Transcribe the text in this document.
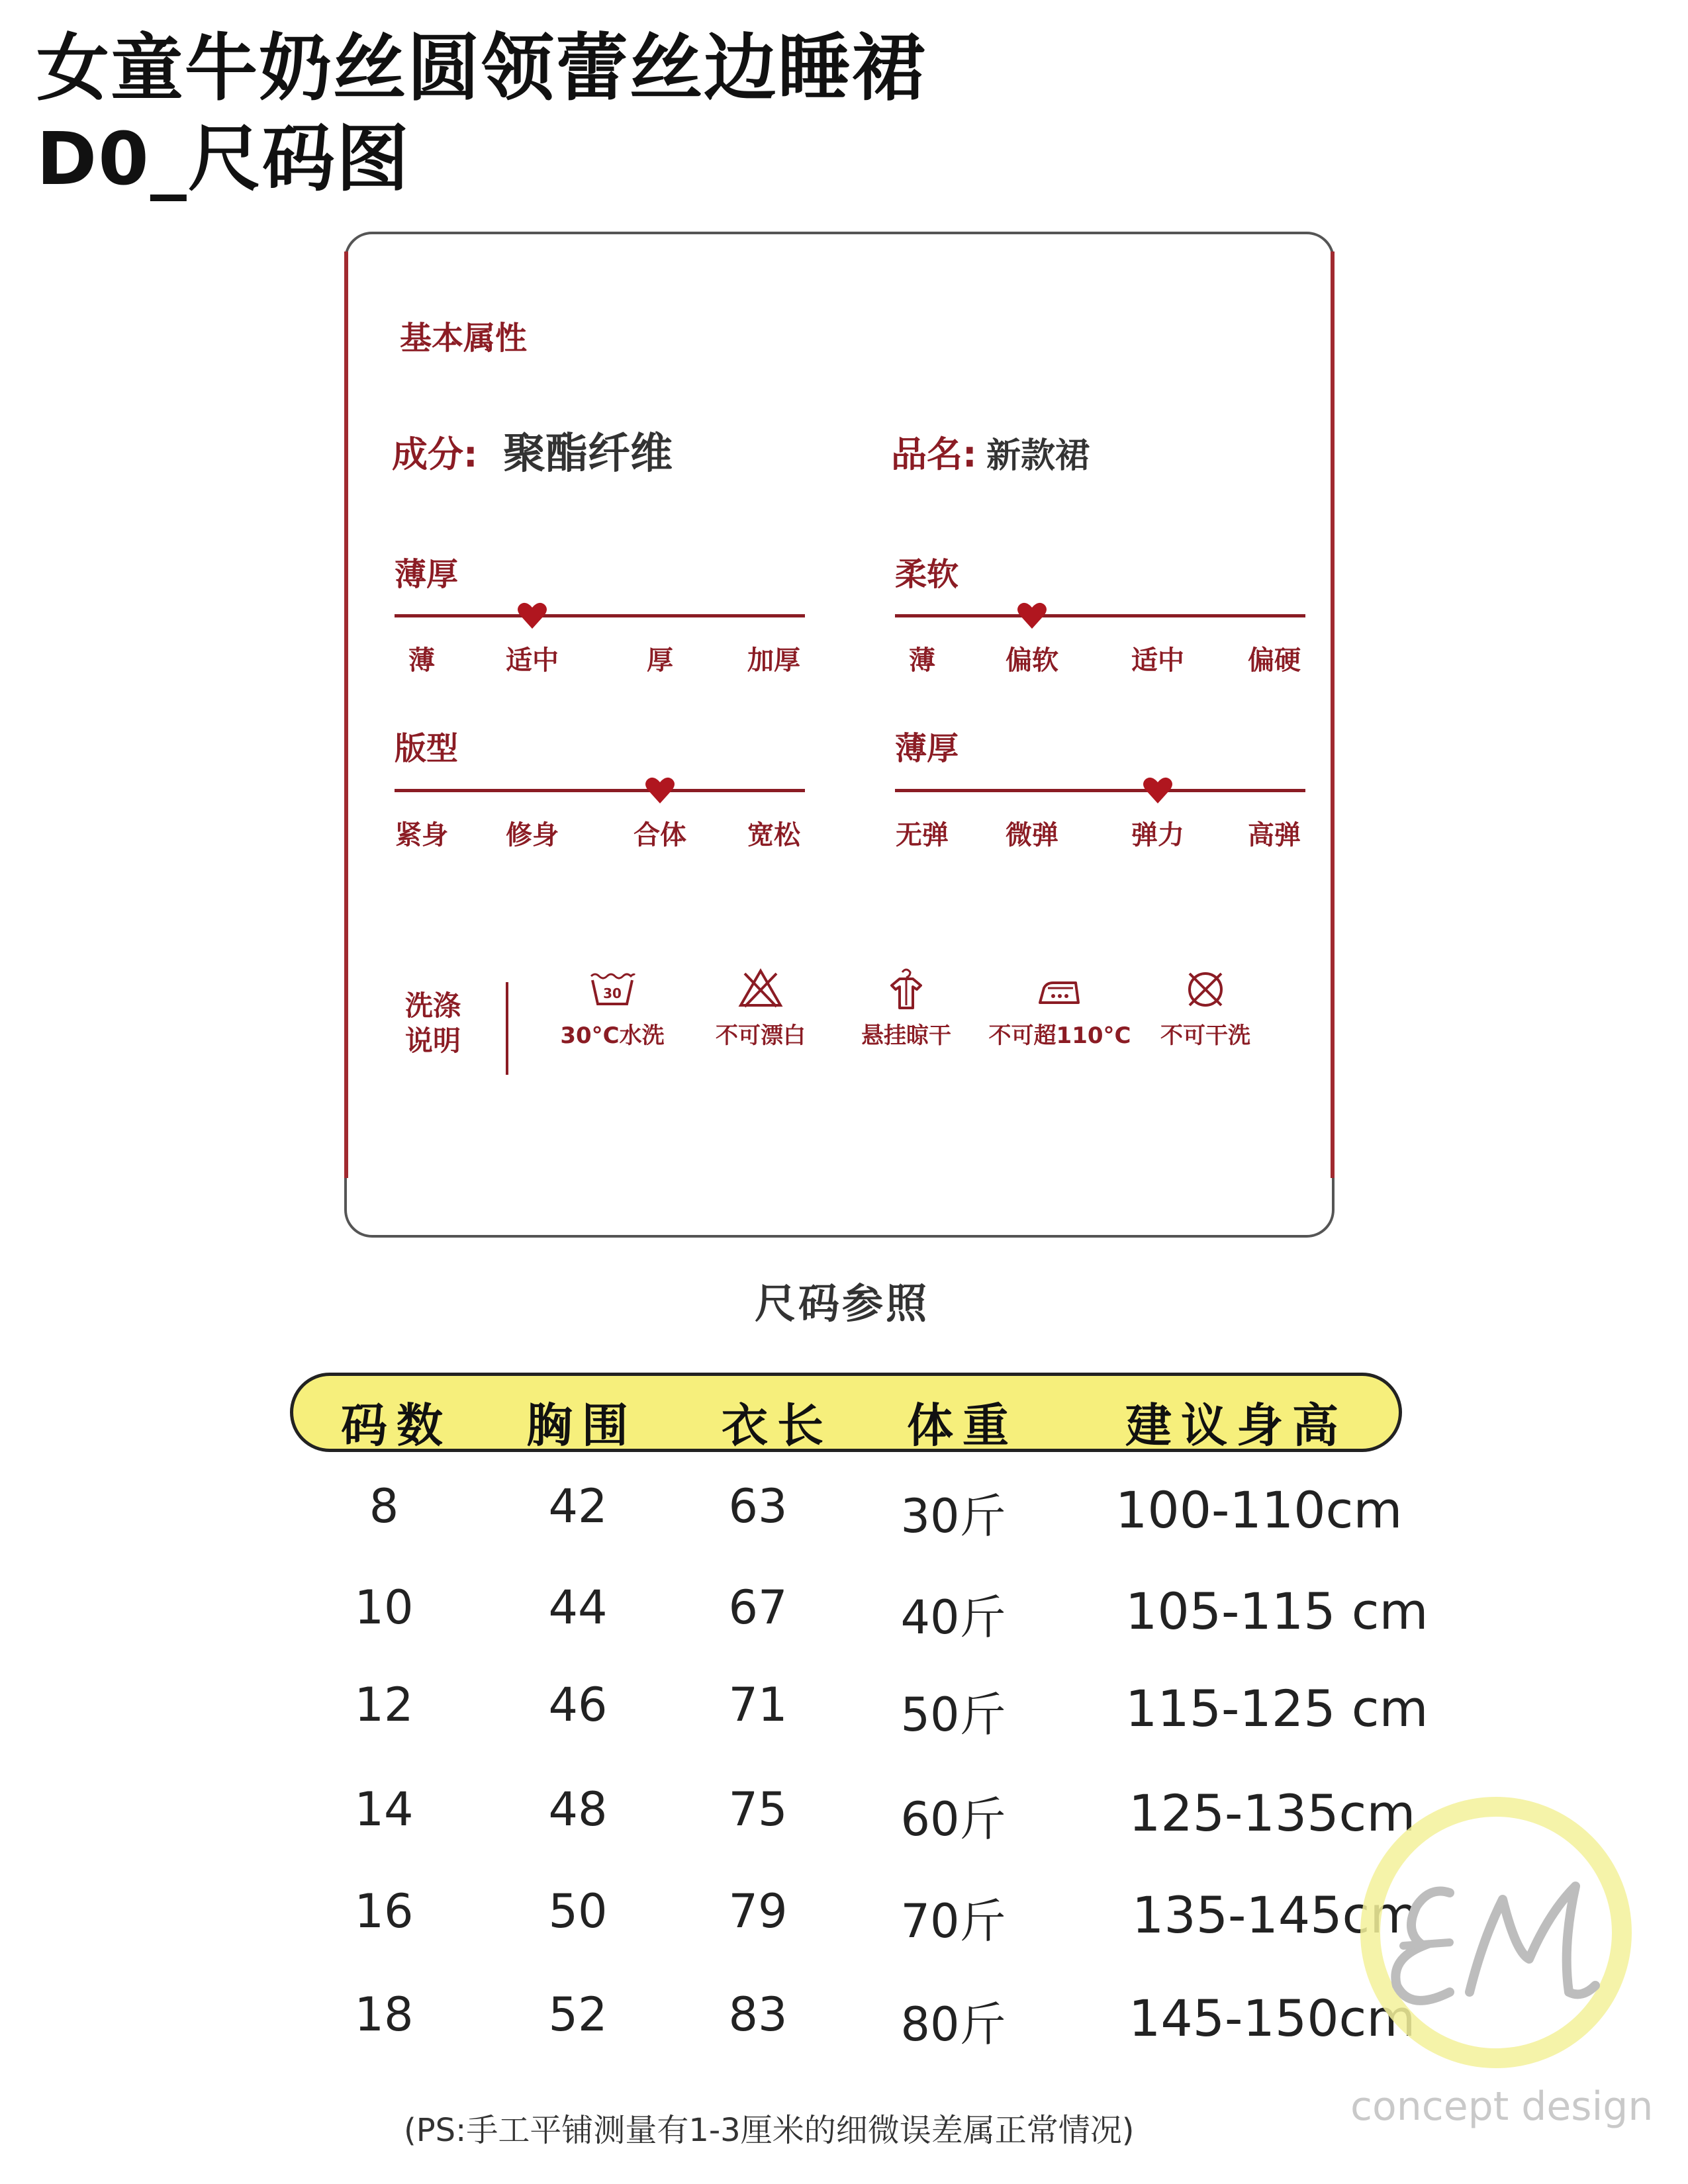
女童牛奶丝圆领蕾丝边睡裙
D0_尺码图
基本属性
成分: 聚酯纤维	品名: 新款裙
薄厚
薄	适中	厚	加厚
柔软
薄	偏软	适中	偏硬
版型
紧身	修身	合体	宽松
薄厚
无弹	微弹	弹力	高弹
洗涤
说明
30
30°C水洗	不可漂白	悬挂晾干	不可超110°C	不可干洗
尺码参照
码数 胸围 衣长 体重 建议身高
8	42	63	30斤	100-110cm
10	44	67	40斤	105-115 cm
12	46	71	50斤	115-125 cm
14	48	75	60斤	125-135cm
16	50	79	70斤	135-145cm
18	52	83	80斤	145-150cm
(PS:手工平铺测量有1-3厘米的细微误差属正常情况)
concept design
